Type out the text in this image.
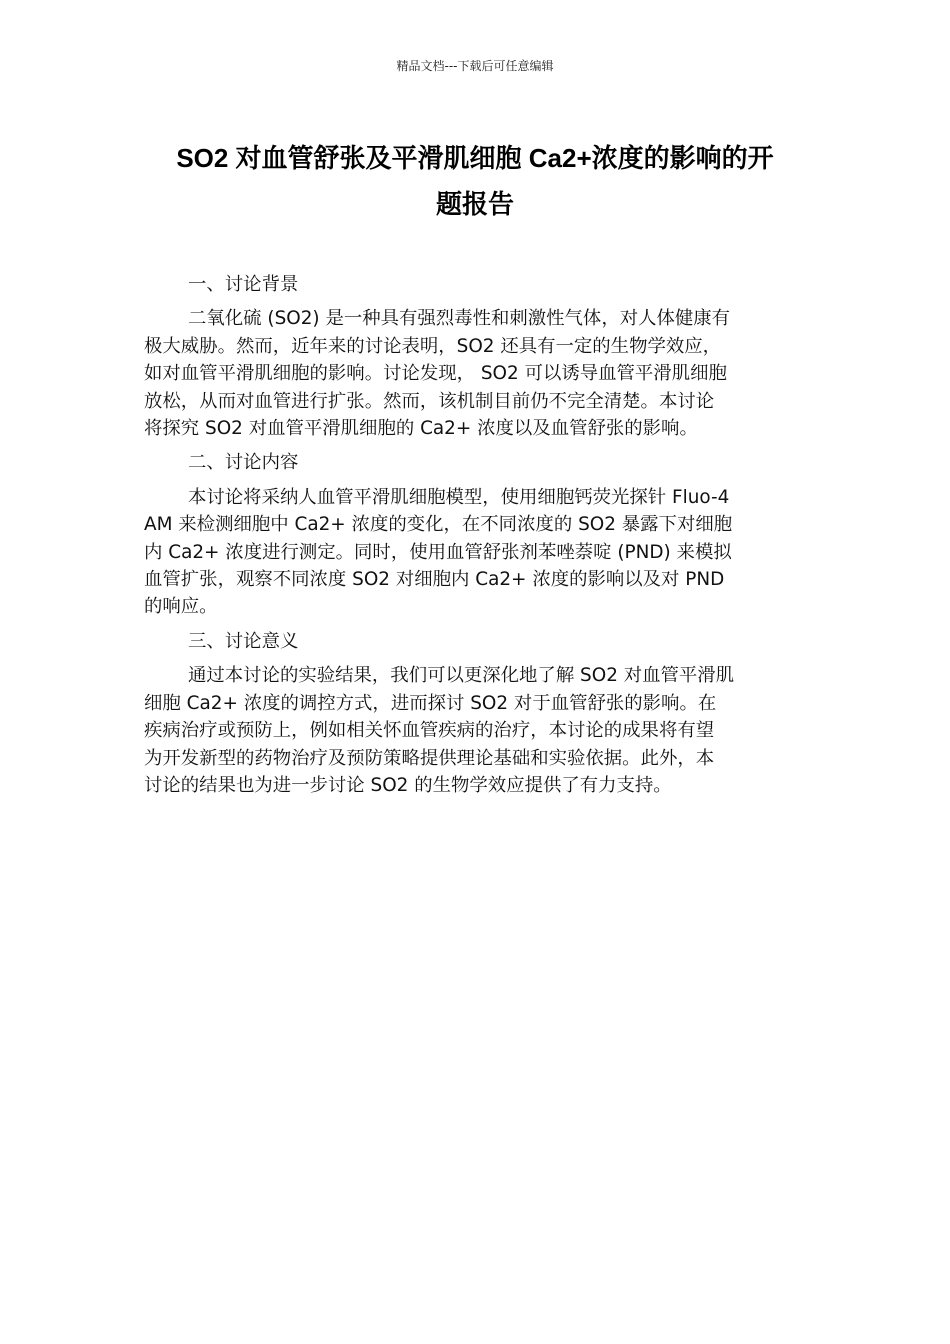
精品文档---下载后可任意编辑
SO2 对血管舒张及平滑肌细胞 Ca2+浓度的影响的开
题报告
一、讨论背景
二氧化硫 (SO2) 是一种具有强烈毒性和刺激性气体，对人体健康有
极大威胁。然而，近年来的讨论表明，SO2 还具有一定的生物学效应，
如对血管平滑肌细胞的影响。讨论发现， SO2 可以诱导血管平滑肌细胞
放松，从而对血管进行扩张。然而，该机制目前仍不完全清楚。本讨论
将探究 SO2 对血管平滑肌细胞的 Ca2+ 浓度以及血管舒张的影响。
二、讨论内容
本讨论将采纳人血管平滑肌细胞模型，使用细胞钙荧光探针 Fluo-4
AM 来检测细胞中 Ca2+ 浓度的变化，在不同浓度的 SO2 暴露下对细胞
内 Ca2+ 浓度进行测定。同时，使用血管舒张剂苯唑萘啶 (PND) 来模拟
血管扩张，观察不同浓度 SO2 对细胞内 Ca2+ 浓度的影响以及对 PND
的响应。
三、讨论意义
通过本讨论的实验结果，我们可以更深化地了解 SO2 对血管平滑肌
细胞 Ca2+ 浓度的调控方式，进而探讨 SO2 对于血管舒张的影响。在
疾病治疗或预防上，例如相关怀血管疾病的治疗，本讨论的成果将有望
为开发新型的药物治疗及预防策略提供理论基础和实验依据。此外，本
讨论的结果也为进一步讨论 SO2 的生物学效应提供了有力支持。
